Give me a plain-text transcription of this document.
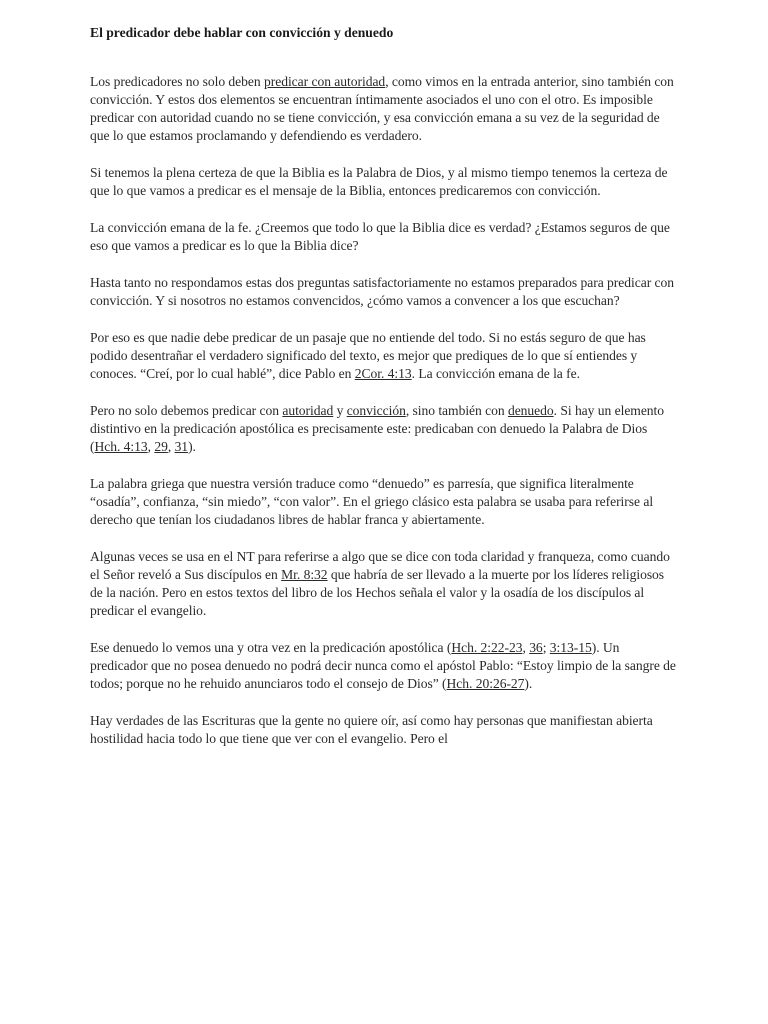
El predicador debe hablar con convicción y denuedo

Los predicadores no solo deben predicar con autoridad, como vimos en la entrada anterior, sino también con convicción. Y estos dos elementos se encuentran íntimamente asociados el uno con el otro. Es imposible predicar con autoridad cuando no se tiene convicción, y esa convicción emana a su vez de la seguridad de que lo que estamos proclamando y defendiendo es verdadero.

Si tenemos la plena certeza de que la Biblia es la Palabra de Dios, y al mismo tiempo tenemos la certeza de que lo que vamos a predicar es el mensaje de la Biblia, entonces predicaremos con convicción.

La convicción emana de la fe. ¿Creemos que todo lo que la Biblia dice es verdad? ¿Estamos seguros de que eso que vamos a predicar es lo que la Biblia dice?

Hasta tanto no respondamos estas dos preguntas satisfactoriamente no estamos preparados para predicar con convicción. Y si nosotros no estamos convencidos, ¿cómo vamos a convencer a los que escuchan?

Por eso es que nadie debe predicar de un pasaje que no entiende del todo. Si no estás seguro de que has podido desentrañar el verdadero significado del texto, es mejor que prediques de lo que sí entiendes y conoces. “Creí, por lo cual hablé”, dice Pablo en 2Cor. 4:13. La convicción emana de la fe.

Pero no solo debemos predicar con autoridad y convicción, sino también con denuedo. Si hay un elemento distintivo en la predicación apostólica es precisamente este: predicaban con denuedo la Palabra de Dios (Hch. 4:13, 29, 31).

La palabra griega que nuestra versión traduce como “denuedo” es parresía, que significa literalmente “osadía”, confianza, “sin miedo”, “con valor”. En el griego clásico esta palabra se usaba para referirse al derecho que tenían los ciudadanos libres de hablar franca y abiertamente.

Algunas veces se usa en el NT para referirse a algo que se dice con toda claridad y franqueza, como cuando el Señor reveló a Sus discípulos en Mr. 8:32 que habría de ser llevado a la muerte por los líderes religiosos de la nación. Pero en estos textos del libro de los Hechos señala el valor y la osadía de los discípulos al predicar el evangelio.

Ese denuedo lo vemos una y otra vez en la predicación apostólica (Hch. 2:22-23, 36; 3:13-15). Un predicador que no posea denuedo no podrá decir nunca como el apóstol Pablo: “Estoy limpio de la sangre de todos; porque no he rehuido anunciaros todo el consejo de Dios” (Hch. 20:26-27).

Hay verdades de las Escrituras que la gente no quiere oír, así como hay personas que manifiestan abierta hostilidad hacia todo lo que tiene que ver con el evangelio. Pero el
